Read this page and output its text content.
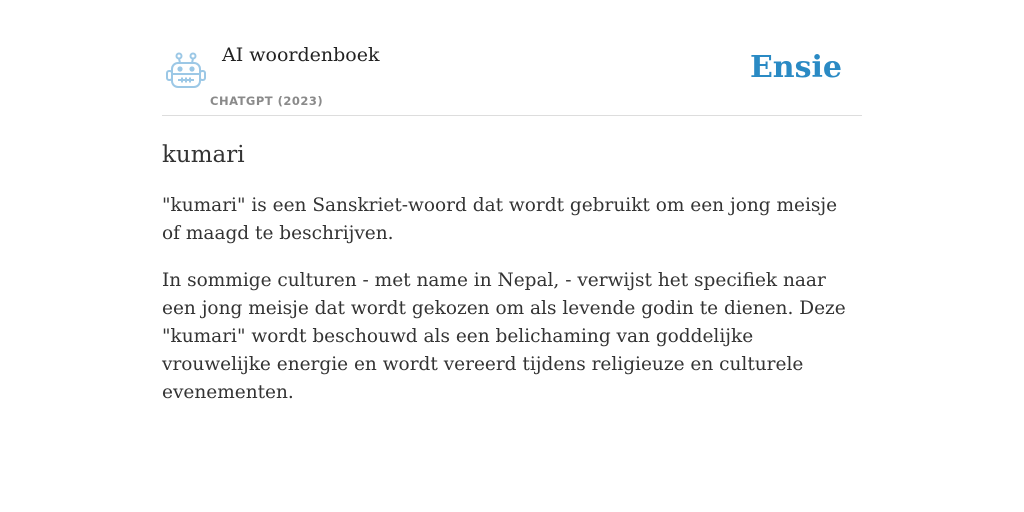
AI woordenboek
CHATGPT (2023)
Ensie
kumari

"kumari" is een Sanskriet-woord dat wordt gebruikt om een jong meisje of maagd te beschrijven.

In sommige culturen - met name in Nepal, - verwijst het specifiek naar een jong meisje dat wordt gekozen om als levende godin te dienen. Deze "kumari" wordt beschouwd als een belichaming van goddelijke vrouwelijke energie en wordt vereerd tijdens religieuze en culturele evenementen.
